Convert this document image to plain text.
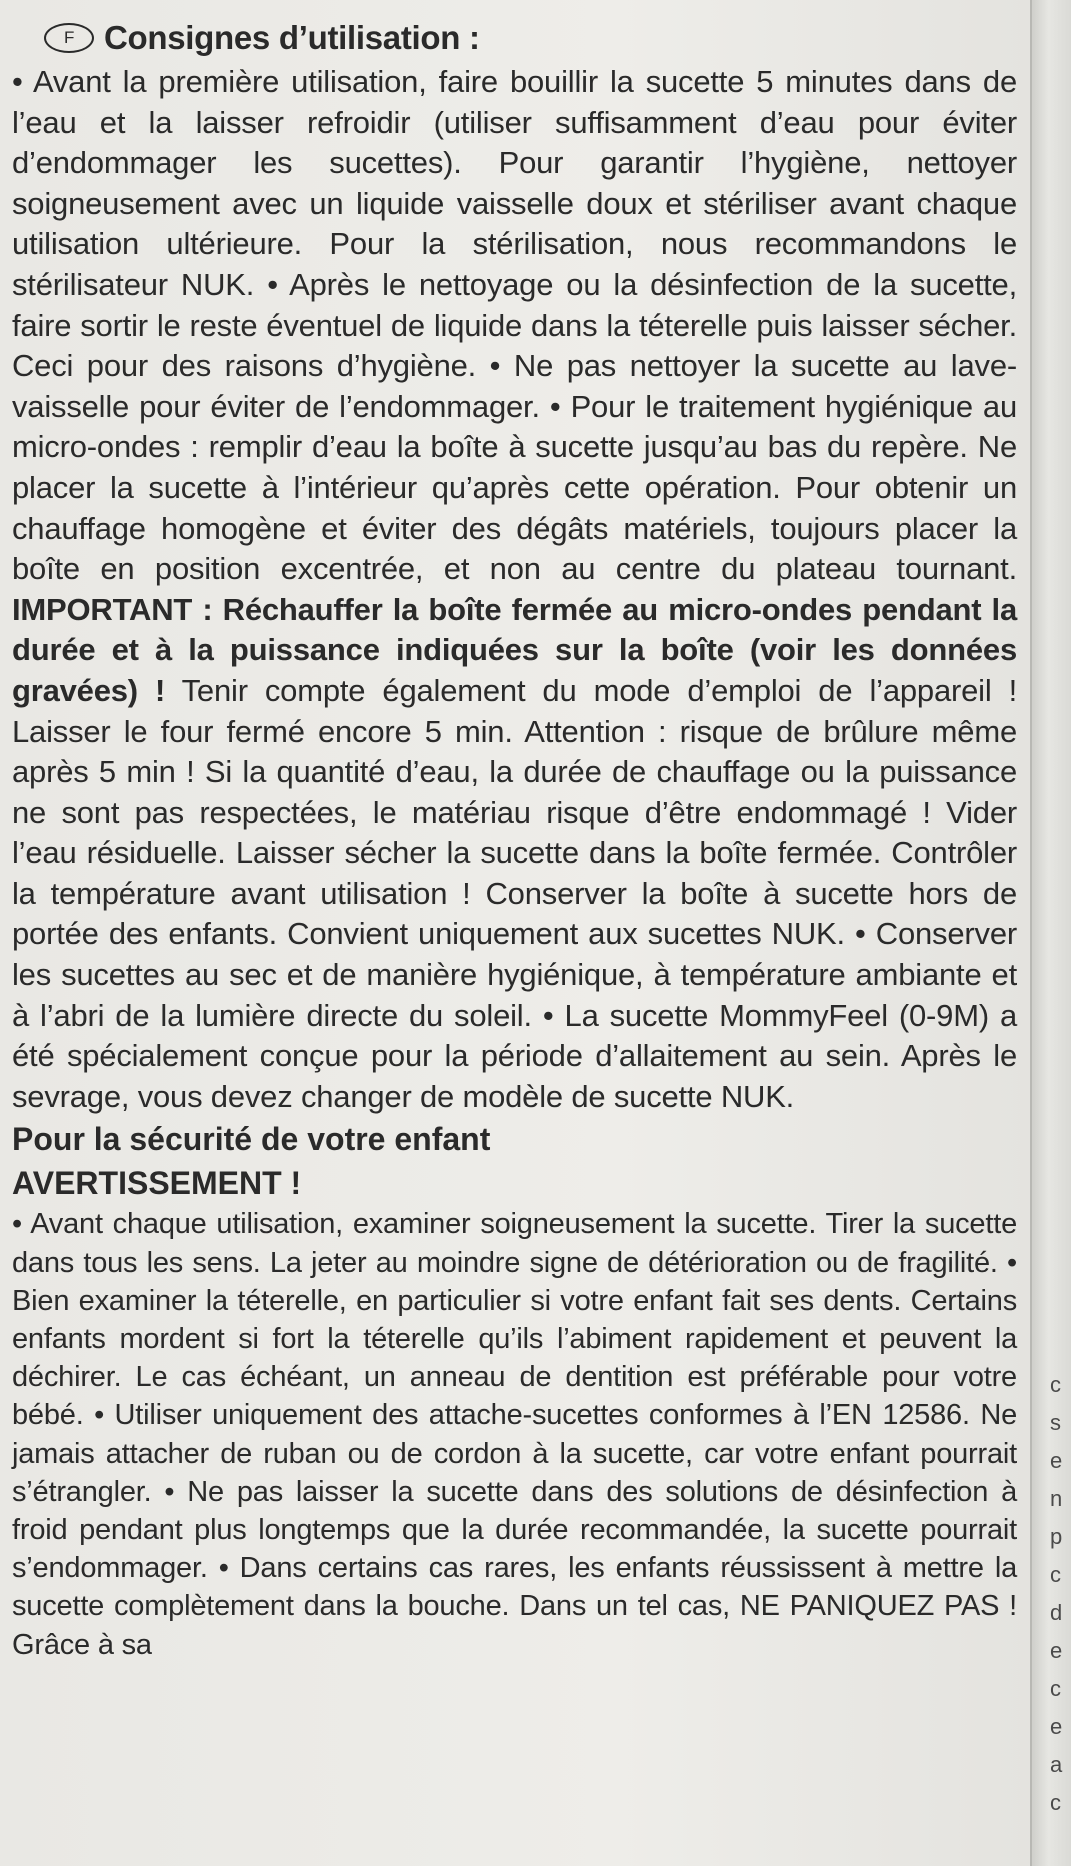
F Consignes d’utilisation :

• Avant la première utilisation, faire bouillir la sucette 5 minutes dans de l’eau et la laisser refroidir (utiliser suffisamment d’eau pour éviter d’endommager les sucettes). Pour garantir l’hygiène, nettoyer soigneusement avec un liquide vaisselle doux et stériliser avant chaque utilisation ultérieure. Pour la stérilisation, nous recommandons le stérilisateur NUK. • Après le nettoyage ou la désinfection de la sucette, faire sortir le reste éventuel de liquide dans la téterelle puis laisser sécher. Ceci pour des raisons d’hygiène. • Ne pas nettoyer la sucette au lave-vaisselle pour éviter de l’endommager. • Pour le traitement hygiénique au micro-ondes : remplir d’eau la boîte à sucette jusqu’au bas du repère. Ne placer la sucette à l’intérieur qu’après cette opération. Pour obtenir un chauffage homogène et éviter des dégâts matériels, toujours placer la boîte en position excentrée, et non au centre du plateau tournant. IMPORTANT : Réchauffer la boîte fermée au micro-ondes pendant la durée et à la puissance indiquées sur la boîte (voir les données gravées) ! Tenir compte également du mode d’emploi de l’appareil ! Laisser le four fermé encore 5 min. Attention : risque de brûlure même après 5 min ! Si la quantité d’eau, la durée de chauffage ou la puissance ne sont pas respectées, le matériau risque d’être endommagé ! Vider l’eau résiduelle. Laisser sécher la sucette dans la boîte fermée. Contrôler la température avant utilisation ! Conserver la boîte à sucette hors de portée des enfants. Convient uniquement aux sucettes NUK. • Conserver les sucettes au sec et de manière hygiénique, à température ambiante et à l’abri de la lumière directe du soleil. • La sucette MommyFeel (0-9M) a été spécialement conçue pour la période d’allaitement au sein. Après le sevrage, vous devez changer de modèle de sucette NUK.

Pour la sécurité de votre enfant
AVERTISSEMENT !

• Avant chaque utilisation, examiner soigneusement la sucette. Tirer la sucette dans tous les sens. La jeter au moindre signe de détérioration ou de fragilité. • Bien examiner la téterelle, en particulier si votre enfant fait ses dents. Certains enfants mordent si fort la téterelle qu’ils l’abiment rapidement et peuvent la déchirer. Le cas échéant, un anneau de dentition est préférable pour votre bébé. • Utiliser uniquement des attache-sucettes conformes à l’EN 12586. Ne jamais attacher de ruban ou de cordon à la sucette, car votre enfant pourrait s’étrangler. • Ne pas laisser la sucette dans des solutions de désinfection à froid pendant plus longtemps que la durée recommandée, la sucette pourrait s’endommager. • Dans certains cas rares, les enfants réussissent à mettre la sucette complètement dans la bouche. Dans un tel cas, NE PANIQUEZ PAS ! Grâce à sa

c
s
e
n
p
c
d
e
c
e
a
c
